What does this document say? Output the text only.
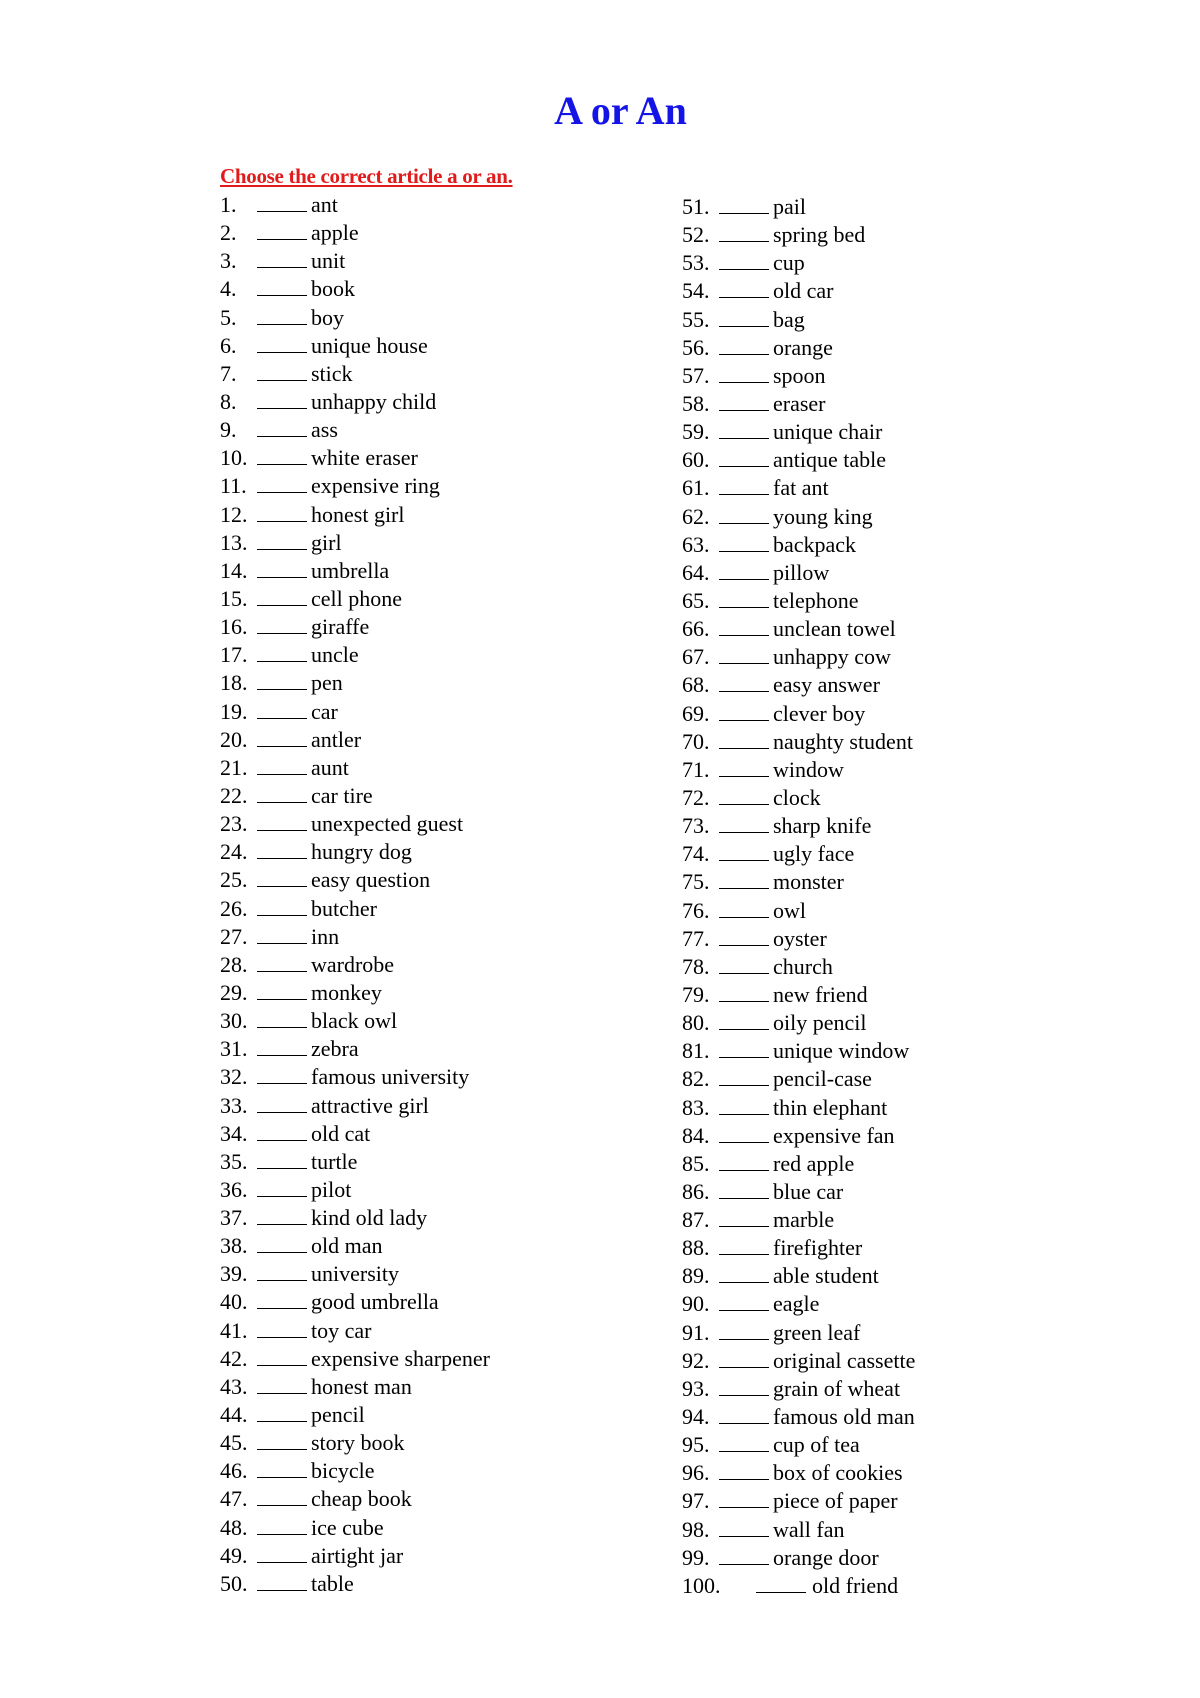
A or An
Choose the correct article a or an.
1.	ant
2.	apple
3.	unit
4.	book
5.	boy
6.	unique house
7.	stick
8.	unhappy child
9.	ass
10.	white eraser
11.	expensive ring
12.	honest girl
13.	girl
14.	umbrella
15.	cell phone
16.	giraffe
17.	uncle
18.	pen
19.	car
20.	antler
21.	aunt
22.	car tire
23.	unexpected guest
24.	hungry dog
25.	easy question
26.	butcher
27.	inn
28.	wardrobe
29.	monkey
30.	black owl
31.	zebra
32.	famous university
33.	attractive girl
34.	old cat
35.	turtle
36.	pilot
37.	kind old lady
38.	old man
39.	university
40.	good umbrella
41.	toy car
42.	expensive sharpener
43.	honest man
44.	pencil
45.	story book
46.	bicycle
47.	cheap book
48.	ice cube
49.	airtight jar
50.	table
51.	pail
52.	spring bed
53.	cup
54.	old car
55.	bag
56.	orange
57.	spoon
58.	eraser
59.	unique chair
60.	antique table
61.	fat ant
62.	young king
63.	backpack
64.	pillow
65.	telephone
66.	unclean towel
67.	unhappy cow
68.	easy answer
69.	clever boy
70.	naughty student
71.	window
72.	clock
73.	sharp knife
74.	ugly face
75.	monster
76.	owl
77.	oyster
78.	church
79.	new friend
80.	oily pencil
81.	unique window
82.	pencil-case
83.	thin elephant
84.	expensive fan
85.	red apple
86.	blue car
87.	marble
88.	firefighter
89.	able student
90.	eagle
91.	green leaf
92.	original cassette
93.	grain of wheat
94.	famous old man
95.	cup of tea
96.	box of cookies
97.	piece of paper
98.	wall fan
99.	orange door
100.	old friend
